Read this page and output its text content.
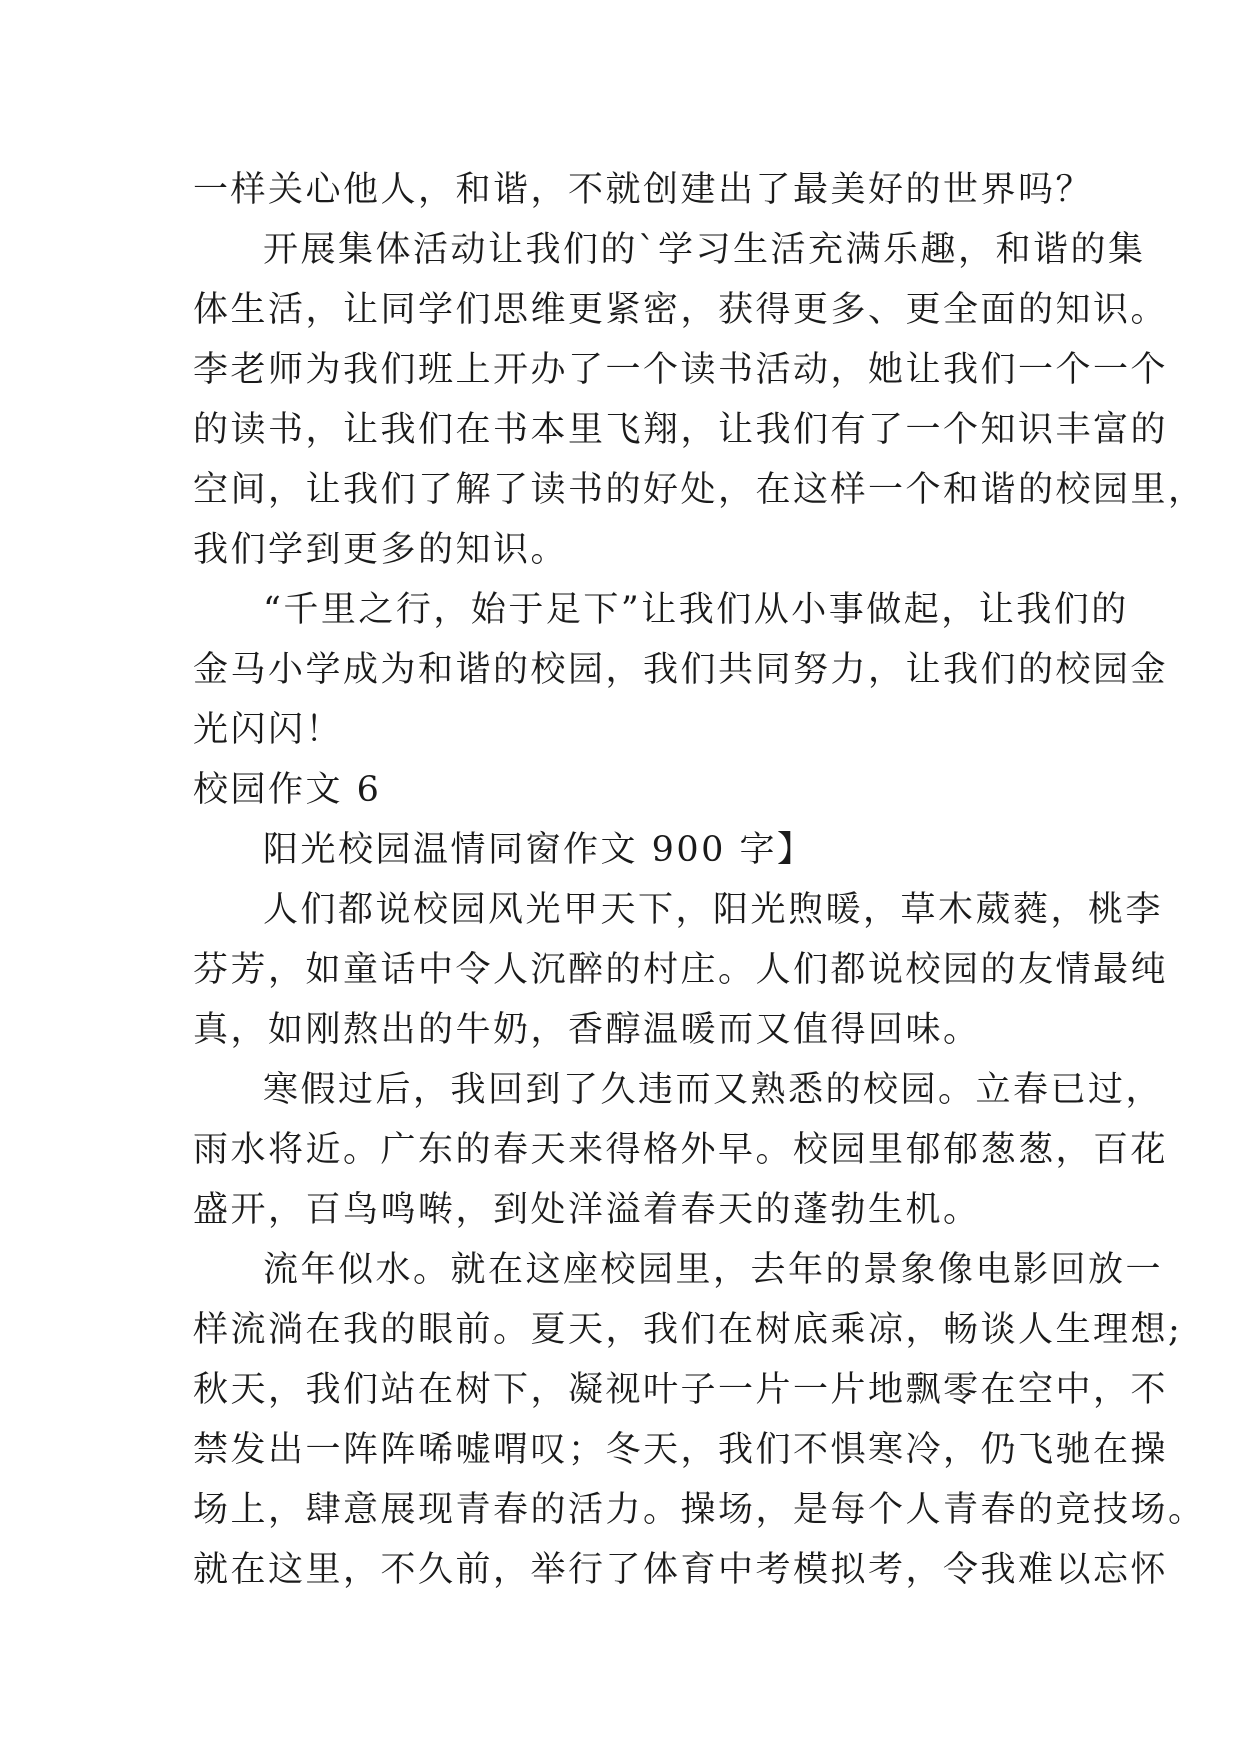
一样关心他人，和谐，不就创建出了最美好的世界吗？
开展集体活动让我们的`学习生活充满乐趣，和谐的集
体生活，让同学们思维更紧密，获得更多、更全面的知识。
李老师为我们班上开办了一个读书活动，她让我们一个一个
的读书，让我们在书本里飞翔，让我们有了一个知识丰富的
空间，让我们了解了读书的好处，在这样一个和谐的校园里，
我们学到更多的知识。
“千里之行，始于足下”让我们从小事做起，让我们的
金马小学成为和谐的校园，我们共同努力，让我们的校园金
光闪闪！
校园作文 6
阳光校园温情同窗作文 900 字】
人们都说校园风光甲天下，阳光煦暖，草木葳蕤，桃李
芬芳，如童话中令人沉醉的村庄。人们都说校园的友情最纯
真，如刚熬出的牛奶，香醇温暖而又值得回味。
寒假过后，我回到了久违而又熟悉的校园。立春已过，
雨水将近。广东的春天来得格外早。校园里郁郁葱葱，百花
盛开，百鸟鸣啭，到处洋溢着春天的蓬勃生机。
流年似水。就在这座校园里，去年的景象像电影回放一
样流淌在我的眼前。夏天，我们在树底乘凉，畅谈人生理想;
秋天，我们站在树下，凝视叶子一片一片地飘零在空中，不
禁发出一阵阵唏嘘喟叹；冬天，我们不惧寒冷，仍飞驰在操
场上，肆意展现青春的活力。操场，是每个人青春的竞技场。
就在这里，不久前，举行了体育中考模拟考，令我难以忘怀
